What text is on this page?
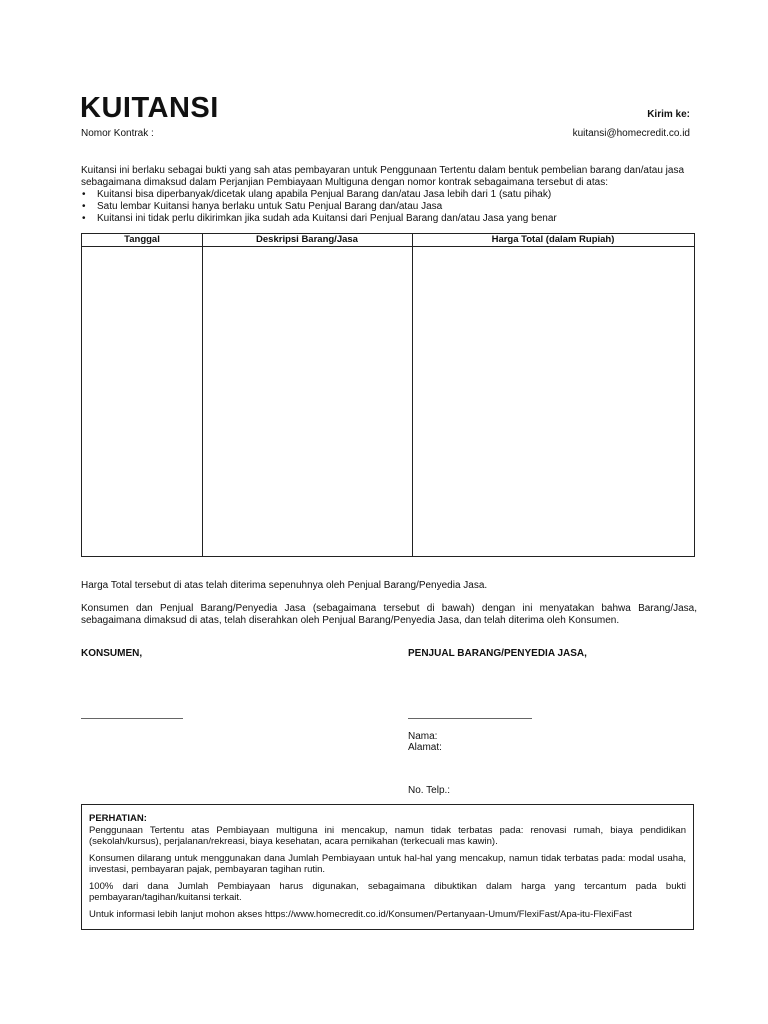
KUITANSI
Nomor Kontrak :
Kirim ke:
kuitansi@homecredit.co.id
Kuitansi ini berlaku sebagai bukti yang sah atas pembayaran untuk Penggunaan Tertentu dalam bentuk pembelian barang dan/atau jasa sebagaimana dimaksud dalam Perjanjian Pembiayaan Multiguna dengan nomor kontrak sebagaimana tersebut di atas:
• Kuitansi bisa diperbanyak/dicetak ulang apabila Penjual Barang dan/atau Jasa lebih dari 1 (satu pihak)
• Satu lembar Kuitansi hanya berlaku untuk Satu Penjual Barang dan/atau Jasa
• Kuitansi ini tidak perlu dikirimkan jika sudah ada Kuitansi dari Penjual Barang dan/atau Jasa yang benar
Tanggal	Deskripsi Barang/Jasa	Harga Total (dalam Rupiah)
Harga Total tersebut di atas telah diterima sepenuhnya oleh Penjual Barang/Penyedia Jasa.
Konsumen dan Penjual Barang/Penyedia Jasa (sebagaimana tersebut di bawah) dengan ini menyatakan bahwa Barang/Jasa, sebagaimana dimaksud di atas, telah diserahkan oleh Penjual Barang/Penyedia Jasa, dan telah diterima oleh Konsumen.
KONSUMEN,	PENJUAL BARANG/PENYEDIA JASA,
Nama:
Alamat:
No. Telp.:
PERHATIAN:

Penggunaan Tertentu atas Pembiayaan multiguna ini mencakup, namun tidak terbatas pada: renovasi rumah, biaya pendidikan (sekolah/kursus), perjalanan/rekreasi, biaya kesehatan, acara pernikahan (terkecuali mas kawin).

Konsumen dilarang untuk menggunakan dana Jumlah Pembiayaan untuk hal-hal yang mencakup, namun tidak terbatas pada: modal usaha, investasi, pembayaran pajak, pembayaran tagihan rutin.

100% dari dana Jumlah Pembiayaan harus digunakan, sebagaimana dibuktikan dalam harga yang tercantum pada bukti pembayaran/tagihan/kuitansi terkait.

Untuk informasi lebih lanjut mohon akses https://www.homecredit.co.id/Konsumen/Pertanyaan-Umum/FlexiFast/Apa-itu-FlexiFast
